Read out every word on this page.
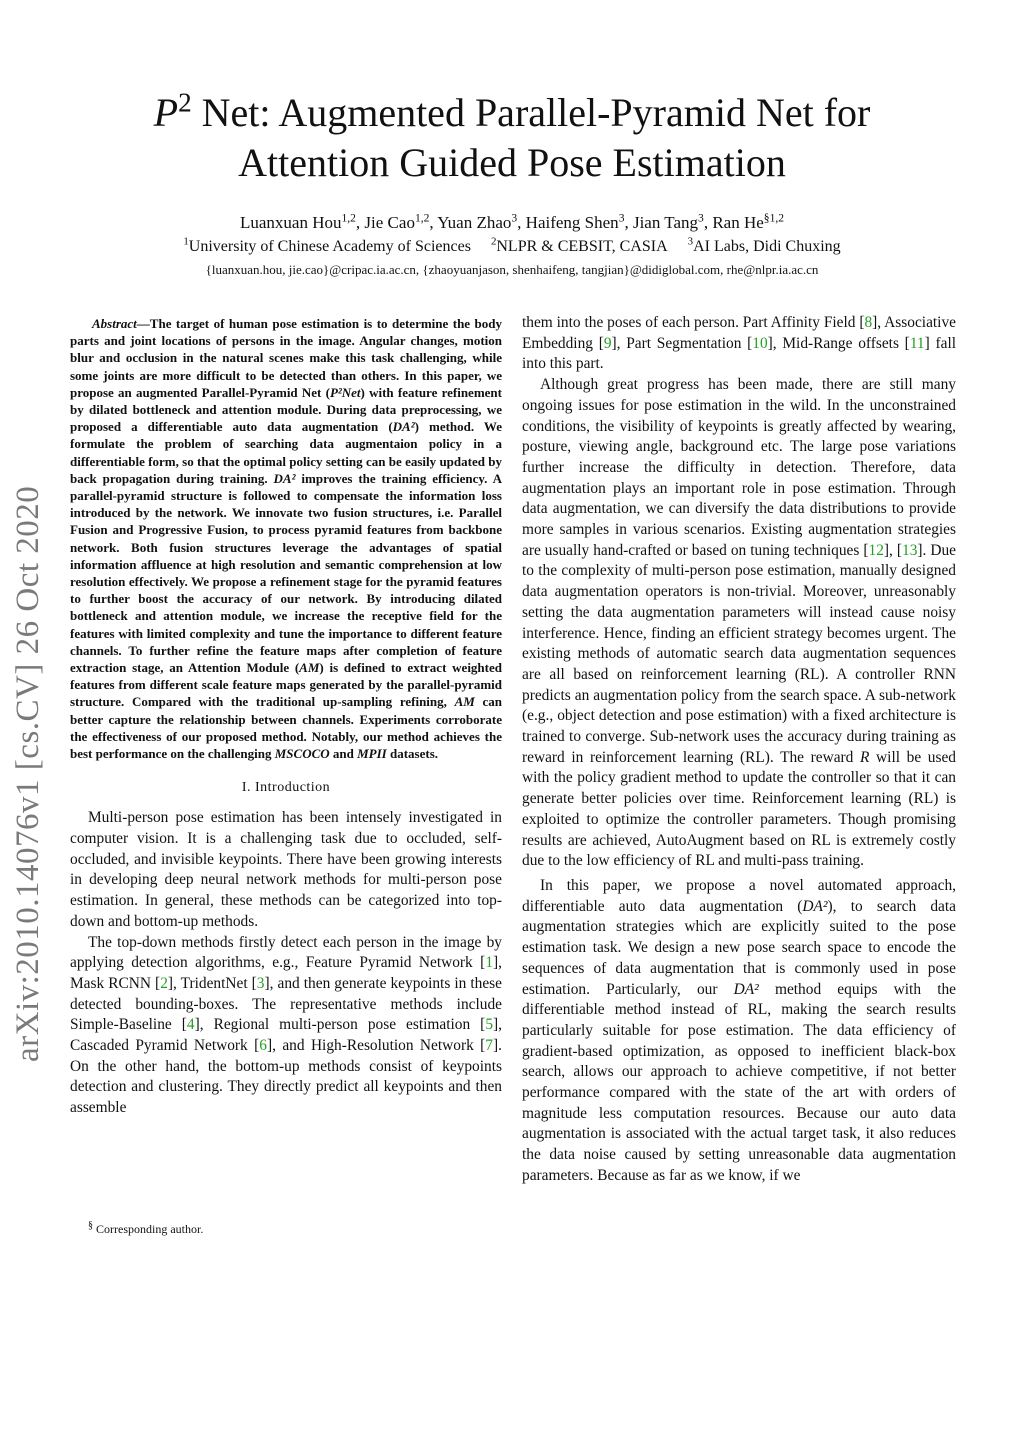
arXiv:2010.14076v1 [cs.CV] 26 Oct 2020
$P^2$ Net: Augmented Parallel-Pyramid Net for
Attention Guided Pose Estimation
Luanxuan Hou$^{1,2}$, Jie Cao$^{1,2}$, Yuan Zhao$^3$, Haifeng Shen$^3$, Jian Tang$^3$, Ran He$^{\S 1,2}$
$^1$University of Chinese Academy of Sciences $^2$NLPR & CEBSIT, CASIA $^3$AI Labs, Didi Chuxing
{luanxuan.hou, jie.cao}@cripac.ia.ac.cn, {zhaoyuanjason, shenhaifeng, tangjian}@didiglobal.com, rhe@nlpr.ia.ac.cn

Abstract—The target of human pose estimation is to determine the body parts and joint locations of persons in the image. Angular changes, motion blur and occlusion in the natural scenes make this task challenging, while some joints are more difficult to be detected than others. In this paper, we propose an augmented Parallel-Pyramid Net (P²Net) with feature refinement by dilated bottleneck and attention module. During data preprocessing, we proposed a differentiable auto data augmentation (DA²) method. We formulate the problem of searching data augmentaion policy in a differentiable form, so that the optimal policy setting can be easily updated by back propagation during training. DA² improves the training efficiency. A parallel-pyramid structure is followed to compensate the information loss introduced by the network. We innovate two fusion structures, i.e. Parallel Fusion and Progressive Fusion, to process pyramid features from backbone network. Both fusion structures leverage the advantages of spatial information affluence at high resolution and semantic comprehension at low resolution effectively. We propose a refinement stage for the pyramid features to further boost the accuracy of our network. By introducing dilated bottleneck and attention module, we increase the receptive field for the features with limited complexity and tune the importance to different feature channels. To further refine the feature maps after completion of feature extraction stage, an Attention Module (AM) is defined to extract weighted features from different scale feature maps generated by the parallel-pyramid structure. Compared with the traditional up-sampling refining, AM can better capture the relationship between channels. Experiments corroborate the effectiveness of our proposed method. Notably, our method achieves the best performance on the challenging MSCOCO and MPII datasets.

I. Introduction

Multi-person pose estimation has been intensely investigated in computer vision. It is a challenging task due to occluded, self-occluded, and invisible keypoints. There have been growing interests in developing deep neural network methods for multi-person pose estimation. In general, these methods can be categorized into top-down and bottom-up methods.

The top-down methods firstly detect each person in the image by applying detection algorithms, e.g., Feature Pyramid Network [1], Mask RCNN [2], TridentNet [3], and then generate keypoints in these detected bounding-boxes. The representative methods include Simple-Baseline [4], Regional multi-person pose estimation [5], Cascaded Pyramid Network [6], and High-Resolution Network [7]. On the other hand, the bottom-up methods consist of keypoints detection and clustering. They directly predict all keypoints and then assemble

§ Corresponding author.

them into the poses of each person. Part Affinity Field [8], Associative Embedding [9], Part Segmentation [10], Mid-Range offsets [11] fall into this part.

Although great progress has been made, there are still many ongoing issues for pose estimation in the wild. In the unconstrained conditions, the visibility of keypoints is greatly affected by wearing, posture, viewing angle, background etc. The large pose variations further increase the difficulty in detection. Therefore, data augmentation plays an important role in pose estimation. Through data augmentation, we can diversify the data distributions to provide more samples in various scenarios. Existing augmentation strategies are usually hand-crafted or based on tuning techniques [12], [13]. Due to the complexity of multi-person pose estimation, manually designed data augmentation operators is non-trivial. Moreover, unreasonably setting the data augmentation parameters will instead cause noisy interference. Hence, finding an efficient strategy becomes urgent. The existing methods of automatic search data augmentation sequences are all based on reinforcement learning (RL). A controller RNN predicts an augmentation policy from the search space. A sub-network (e.g., object detection and pose estimation) with a fixed architecture is trained to converge. Sub-network uses the accuracy during training as reward in reinforcement learning (RL). The reward R will be used with the policy gradient method to update the controller so that it can generate better policies over time. Reinforcement learning (RL) is exploited to optimize the controller parameters. Though promising results are achieved, AutoAugment based on RL is extremely costly due to the low efficiency of RL and multi-pass training.

In this paper, we propose a novel automated approach, differentiable auto data augmentation (DA²), to search data augmentation strategies which are explicitly suited to the pose estimation task. We design a new pose search space to encode the sequences of data augmentation that is commonly used in pose estimation. Particularly, our DA² method equips with the differentiable method instead of RL, making the search results particularly suitable for pose estimation. The data efficiency of gradient-based optimization, as opposed to inefficient black-box search, allows our approach to achieve competitive, if not better performance compared with the state of the art with orders of magnitude less computation resources. Because our auto data augmentation is associated with the actual target task, it also reduces the data noise caused by setting unreasonable data augmentation parameters. Because as far as we know, if we
